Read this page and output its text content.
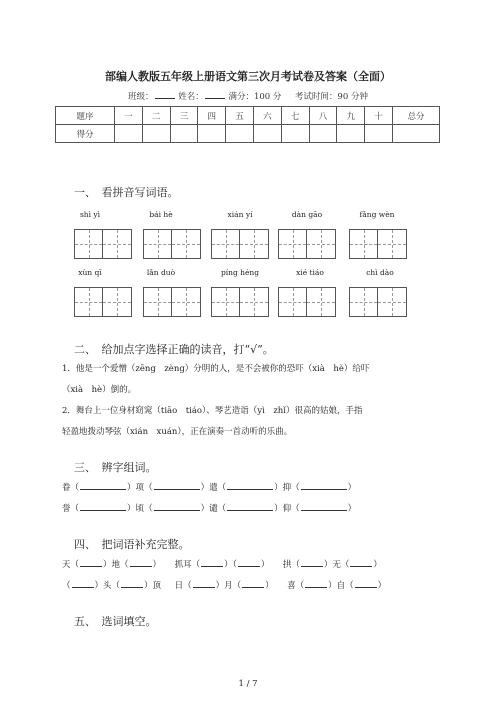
部编人教版五年级上册语文第三次月考试卷及答案（全面）
班级：	姓名：	满分：100 分 考试时间：90 分钟
题序	一	二	三	四	五	六	七	八	九	十	总分
得分											
一、　看拼音写词语。
shì yì	bái hè	xián yí	dàn gāo	fǎng wèn
xùn qī	lǎn duò	píng héng	xié tiáo	chì dào
二、　给加点字选择正确的读音，打“√”。
1．他是一个爱憎（zēng　zèng）分明的人，是不会被你的恐吓（xià　hè）给吓
（xià　hè）倒的。
2．舞台上一位身材窈窕（tiāo　tiáo）、琴艺造诣（yì　zhǐ）很高的姑娘，手指
轻盈地拨动琴弦（xián　xuán），正在演奏一首动听的乐曲。
三、　辨字组词。
眷（	）项（	）遣（	）抑（	）
誉（	）顷（	）谴（	）仰（	）
四、　把词语补充完整。
天（	）地（	） 抓耳（	）（	） 拱（	）无（	）
（	）头（	）顶 日（	）月（	） 喜（	）自（	）
五、　选词填空。
1 / 7
